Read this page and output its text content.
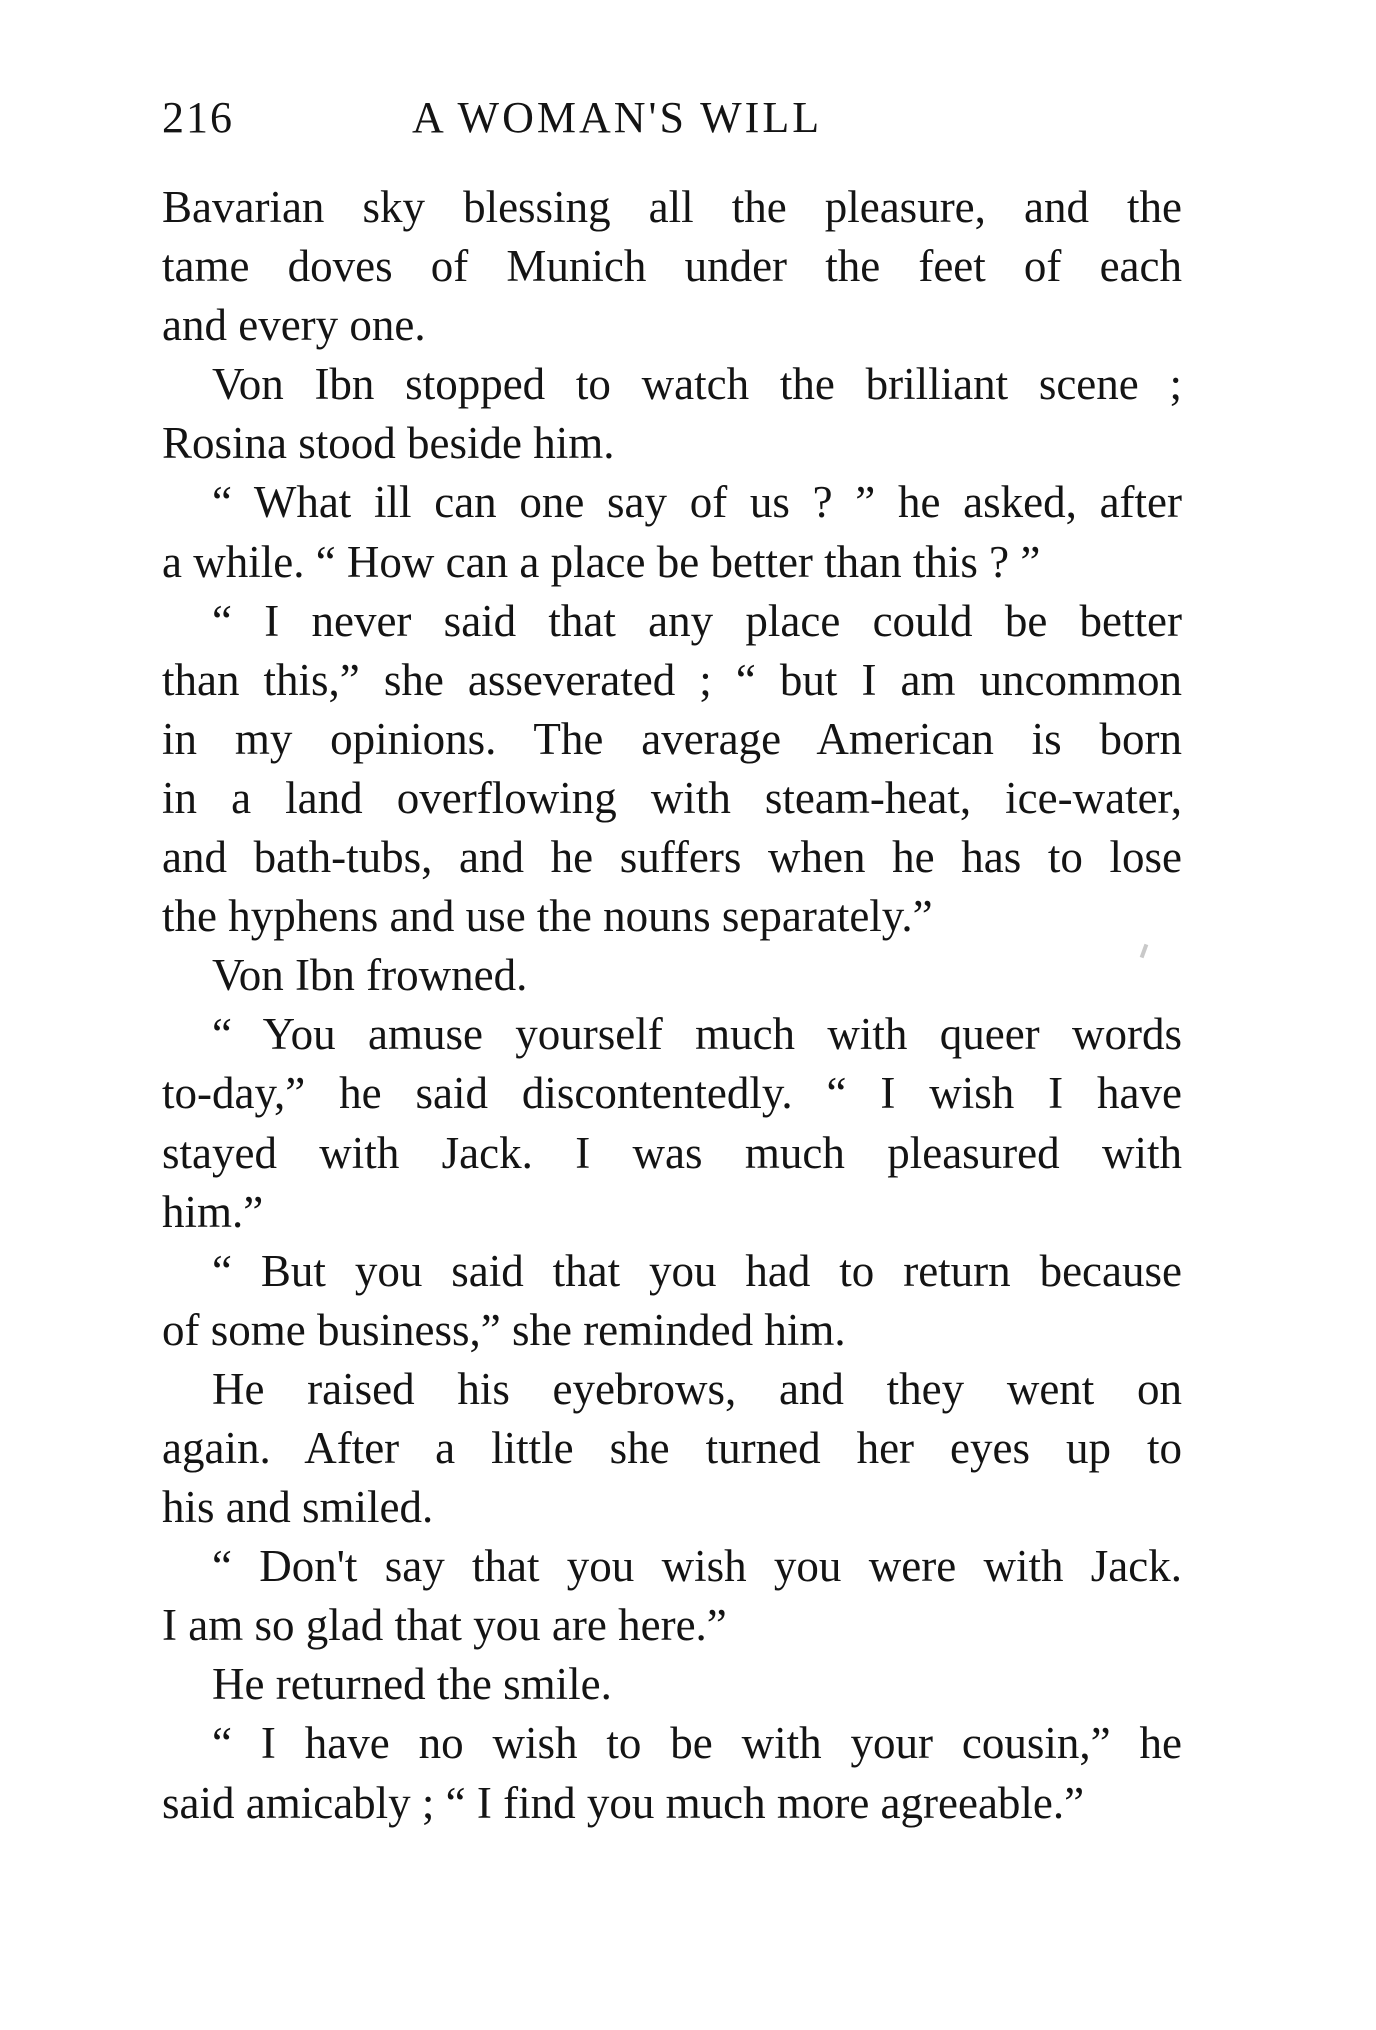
216	A WOMAN'S WILL
Bavarian sky blessing all the pleasure, and the
tame doves of Munich under the feet of each
and every one.
Von Ibn stopped to watch the brilliant scene ;
Rosina stood beside him.
“ What ill can one say of us ? ” he asked, after
a while. “ How can a place be better than this ? ”
“ I never said that any place could be better
than this,” she asseverated ; “ but I am uncommon
in my opinions. The average American is born
in a land overflowing with steam-heat, ice-water,
and bath-tubs, and he suffers when he has to lose
the hyphens and use the nouns separately.”
Von Ibn frowned.
“ You amuse yourself much with queer words
to-day,” he said discontentedly. “ I wish I have
stayed with Jack. I was much pleasured with
him.”
“ But you said that you had to return because
of some business,” she reminded him.
He raised his eyebrows, and they went on
again. After a little she turned her eyes up to
his and smiled.
“ Don't say that you wish you were with Jack.
I am so glad that you are here.”
He returned the smile.
“ I have no wish to be with your cousin,” he
said amicably ; “ I find you much more agreeable.”
